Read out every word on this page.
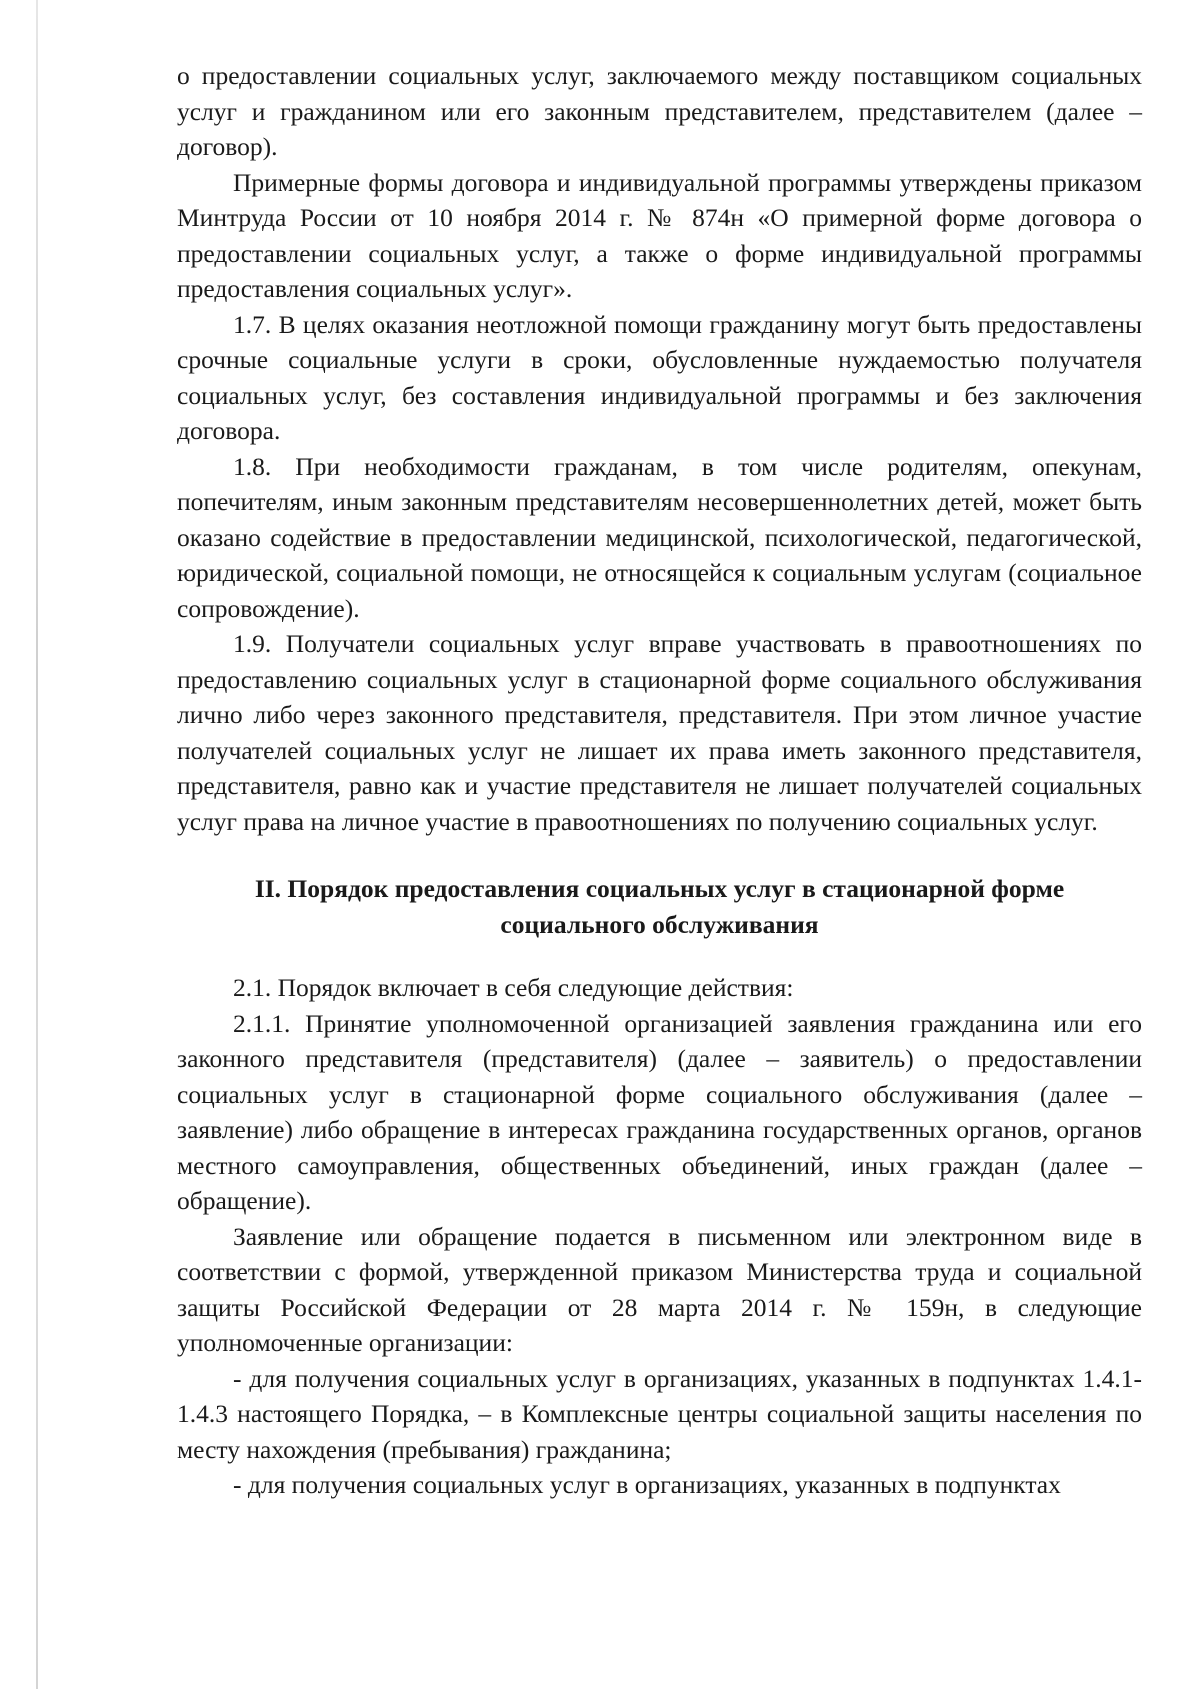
о предоставлении социальных услуг, заключаемого между поставщиком социальных услуг и гражданином или его законным представителем, представителем (далее – договор).

Примерные формы договора и индивидуальной программы утверждены приказом Минтруда России от 10 ноября 2014 г. № 874н «О примерной форме договора о предоставлении социальных услуг, а также о форме индивидуальной программы предоставления социальных услуг».

1.7. В целях оказания неотложной помощи гражданину могут быть предоставлены срочные социальные услуги в сроки, обусловленные нуждаемостью получателя социальных услуг, без составления индивидуальной программы и без заключения договора.

1.8. При необходимости гражданам, в том числе родителям, опекунам, попечителям, иным законным представителям несовершеннолетних детей, может быть оказано содействие в предоставлении медицинской, психологической, педагогической, юридической, социальной помощи, не относящейся к социальным услугам (социальное сопровождение).

1.9. Получатели социальных услуг вправе участвовать в правоотношениях по предоставлению социальных услуг в стационарной форме социального обслуживания лично либо через законного представителя, представителя. При этом личное участие получателей социальных услуг не лишает их права иметь законного представителя, представителя, равно как и участие представителя не лишает получателей социальных услуг права на личное участие в правоотношениях по получению социальных услуг.

II. Порядок предоставления социальных услуг в стационарной форме социального обслуживания

2.1. Порядок включает в себя следующие действия:

2.1.1. Принятие уполномоченной организацией заявления гражданина или его законного представителя (представителя) (далее – заявитель) о предоставлении социальных услуг в стационарной форме социального обслуживания (далее – заявление) либо обращение в интересах гражданина государственных органов, органов местного самоуправления, общественных объединений, иных граждан (далее – обращение).

Заявление или обращение подается в письменном или электронном виде в соответствии с формой, утвержденной приказом Министерства труда и социальной защиты Российской Федерации от 28 марта 2014 г. № 159н, в следующие уполномоченные организации:

- для получения социальных услуг в организациях, указанных в подпунктах 1.4.1-1.4.3 настоящего Порядка, – в Комплексные центры социальной защиты населения по месту нахождения (пребывания) гражданина;

- для получения социальных услуг в организациях, указанных в подпунктах
